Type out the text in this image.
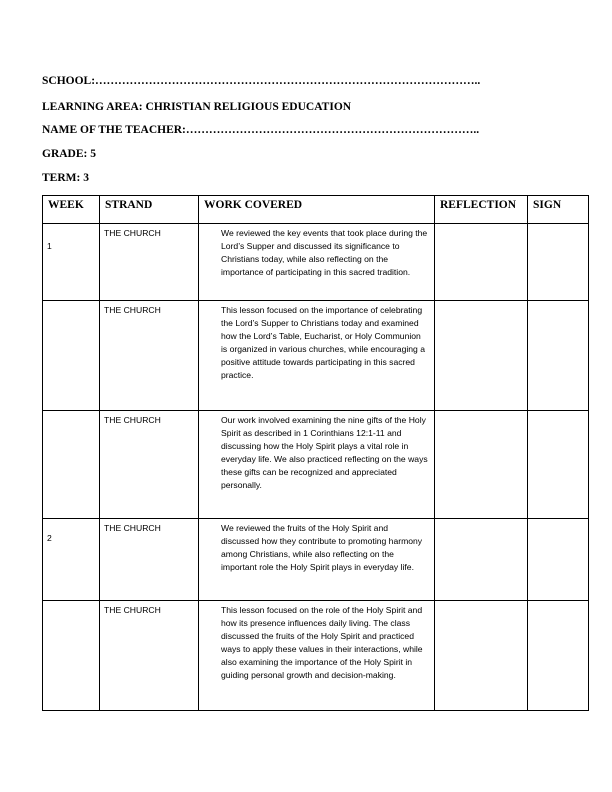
SCHOOL:………………………………………………………………………………………..
LEARNING AREA: CHRISTIAN RELIGIOUS EDUCATION
NAME OF THE TEACHER:…………………………………………………………………..
GRADE: 5
TERM: 3
WEEK	STRAND	WORK COVERED	REFLECTION	SIGN

1	THE CHURCH	We reviewed the key events that took place during the Lord’s Supper and discussed its significance to Christians today, while also reflecting on the importance of participating in this sacred tradition.		

	THE CHURCH	This lesson focused on the importance of celebrating the Lord’s Supper to Christians today and examined how the Lord’s Table, Eucharist, or Holy Communion is organized in various churches, while encouraging a positive attitude towards participating in this sacred practice.		

	THE CHURCH	Our work involved examining the nine gifts of the Holy Spirit as described in 1 Corinthians 12:1-11 and discussing how the Holy Spirit plays a vital role in everyday life. We also practiced reflecting on the ways these gifts can be recognized and appreciated personally.		

2	THE CHURCH	We reviewed the fruits of the Holy Spirit and discussed how they contribute to promoting harmony among Christians, while also reflecting on the important role the Holy Spirit plays in everyday life.		

	THE CHURCH	This lesson focused on the role of the Holy Spirit and how its presence influences daily living. The class discussed the fruits of the Holy Spirit and practiced ways to apply these values in their interactions, while also examining the importance of the Holy Spirit in guiding personal growth and decision-making.		
